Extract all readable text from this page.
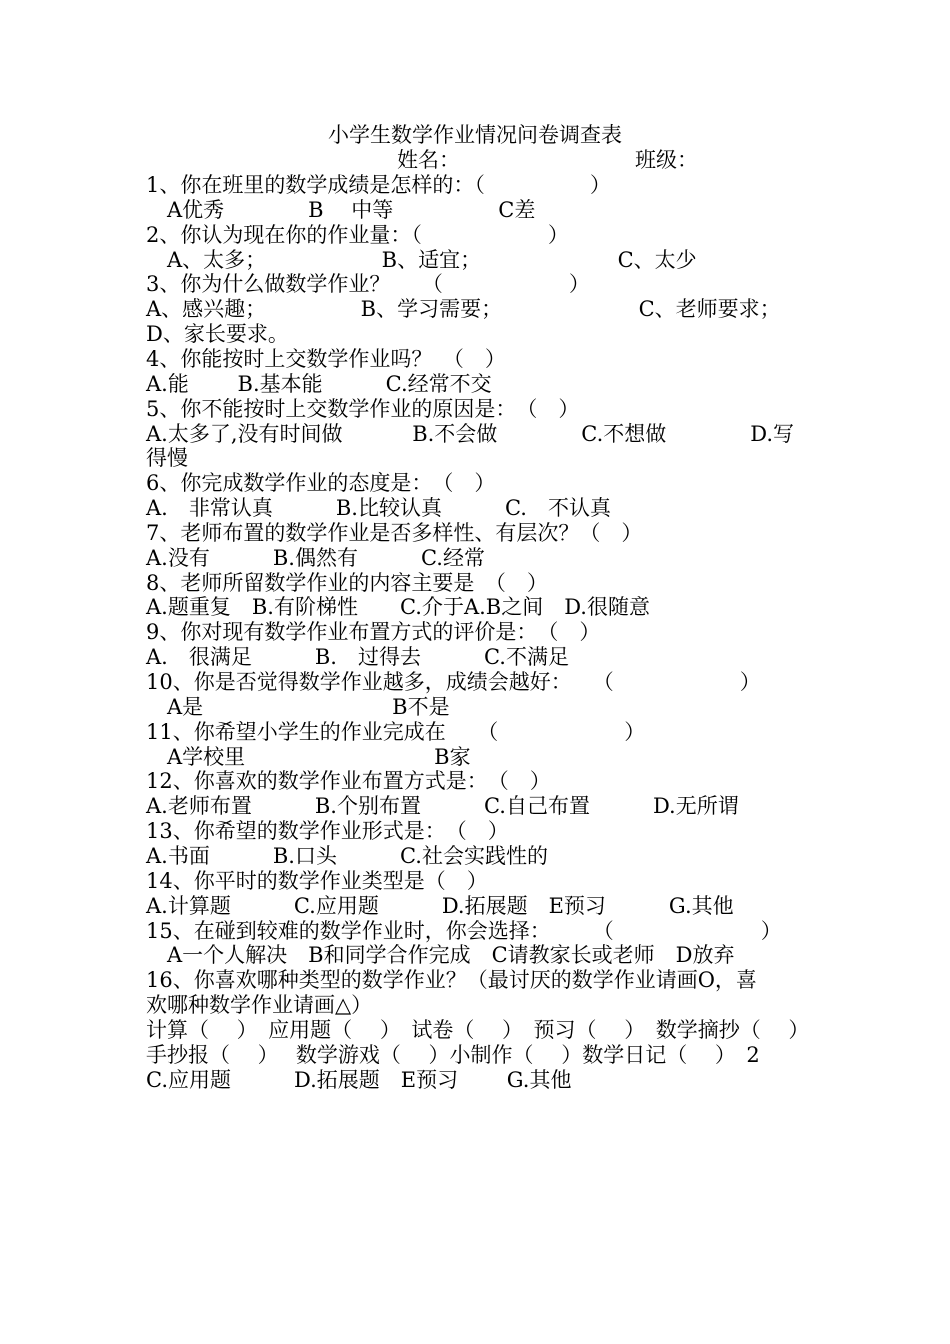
小学生数学作业情况问卷调查表
姓名：	班级：
1、你在班里的数学成绩是怎样的：（　　　　　）
　A优秀　　　　B　 中等　　　　　C差
2、你认为现在你的作业量：（　　　　　　）
　A、太多；　　　　　　B、适宜；　　　　　　　C、太少
3、你为什么做数学作业？　　（　　　　　　）
A、感兴趣；　　　　　B、学习需要；　　　　　　　C、老师要求；
D、家长要求。
4、你能按时上交数学作业吗？　（　）
A.能　　 B.基本能　　　C.经常不交
5、你不能按时上交数学作业的原因是：　（　）
A.太多了,没有时间做　　　 B.不会做　　　　C.不想做　　　　D.写
得慢
6、你完成数学作业的态度是：　（　）
A.　非常认真　　　B.比较认真　　　C.　不认真
7、老师布置的数学作业是否多样性、有层次？（　）
A.没有　　　B.偶然有　　　C.经常
8、老师所留数学作业的内容主要是　（　）
A.题重复　B.有阶梯性　　C.介于A.B之间　D.很随意
9、你对现有数学作业布置方式的评价是：　（　）
A.　很满足　　　B.　过得去　　　C.不满足
10、你是否觉得数学作业越多，成绩会越好：　　（　　　　　　）
　A是　　　　　　　　　B不是
11、你希望小学生的作业完成在　　（　　　　　　）
　A学校里　　　　　　　　　B家
12、你喜欢的数学作业布置方式是：　（　）
A.老师布置　　　B.个别布置　　　C.自己布置　　　D.无所谓
13、你希望的数学作业形式是：　（　）
A.书面　　　B.口头　　　C.社会实践性的
14、你平时的数学作业类型是（　）
A.计算题　　　C.应用题　　　D.拓展题　E预习　　　G.其他
15、在碰到较难的数学作业时，你会选择：　　　（　　　　　　　）
　A一个人解决　B和同学合作完成　C请教家长或老师　D放弃
16、你喜欢哪种类型的数学作业？（最讨厌的数学作业请画O，喜
欢哪种数学作业请画△）
计算（　 ）　应用题（　 ）　试卷（　 ）　预习（　 ）　数学摘抄（　 ）
手抄报（　 ）　 数学游戏（　 ）小制作（　 ）数学日记（　 ）　2
C.应用题　　　D.拓展题　E预习　　 G.其他
